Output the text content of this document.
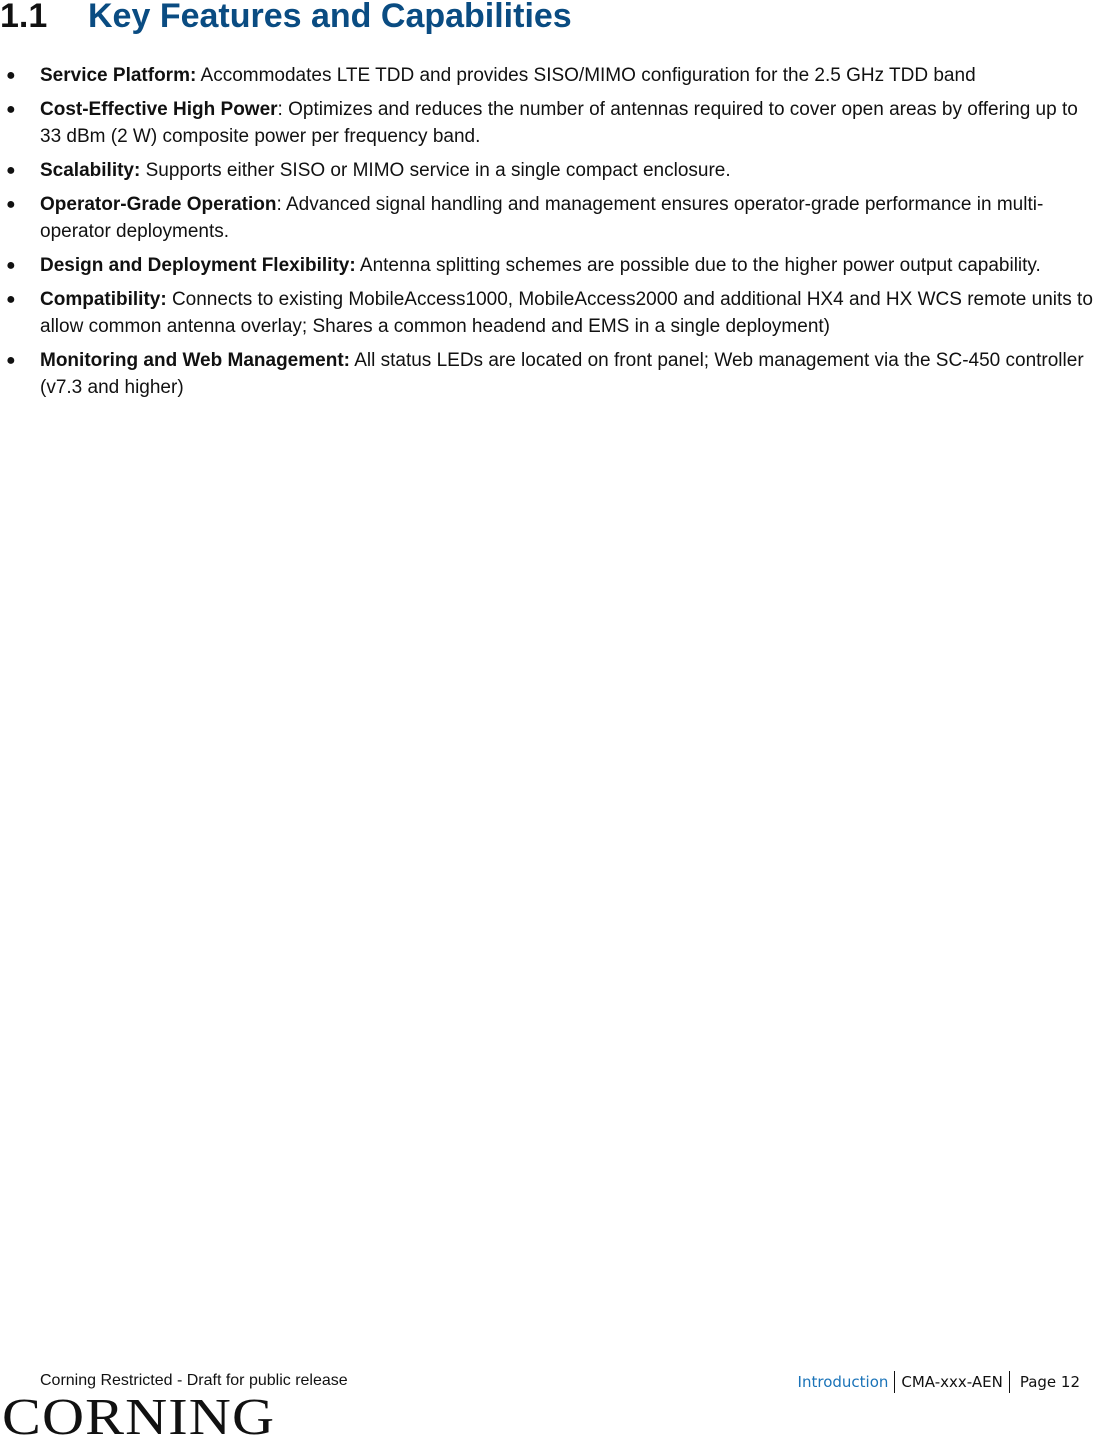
1.1 Key Features and Capabilities
● Service Platform: Accommodates LTE TDD and provides SISO/MIMO configuration for the 2.5 GHz TDD band
● Cost-Effective High Power: Optimizes and reduces the number of antennas required to cover open areas by offering up to 33 dBm (2 W) composite power per frequency band.
● Scalability: Supports either SISO or MIMO service in a single compact enclosure.
● Operator-Grade Operation: Advanced signal handling and management ensures operator-grade performance in multi-operator deployments.
● Design and Deployment Flexibility: Antenna splitting schemes are possible due to the higher power output capability.
● Compatibility: Connects to existing MobileAccess1000, MobileAccess2000 and additional HX4 and HX WCS remote units to allow common antenna overlay; Shares a common headend and EMS in a single deployment)
● Monitoring and Web Management: All status LEDs are located on front panel; Web management via the SC-450 controller (v7.3 and higher)
Corning Restricted - Draft for public release	Introduction CMA-xxx-AEN	Page 12
CORNING
